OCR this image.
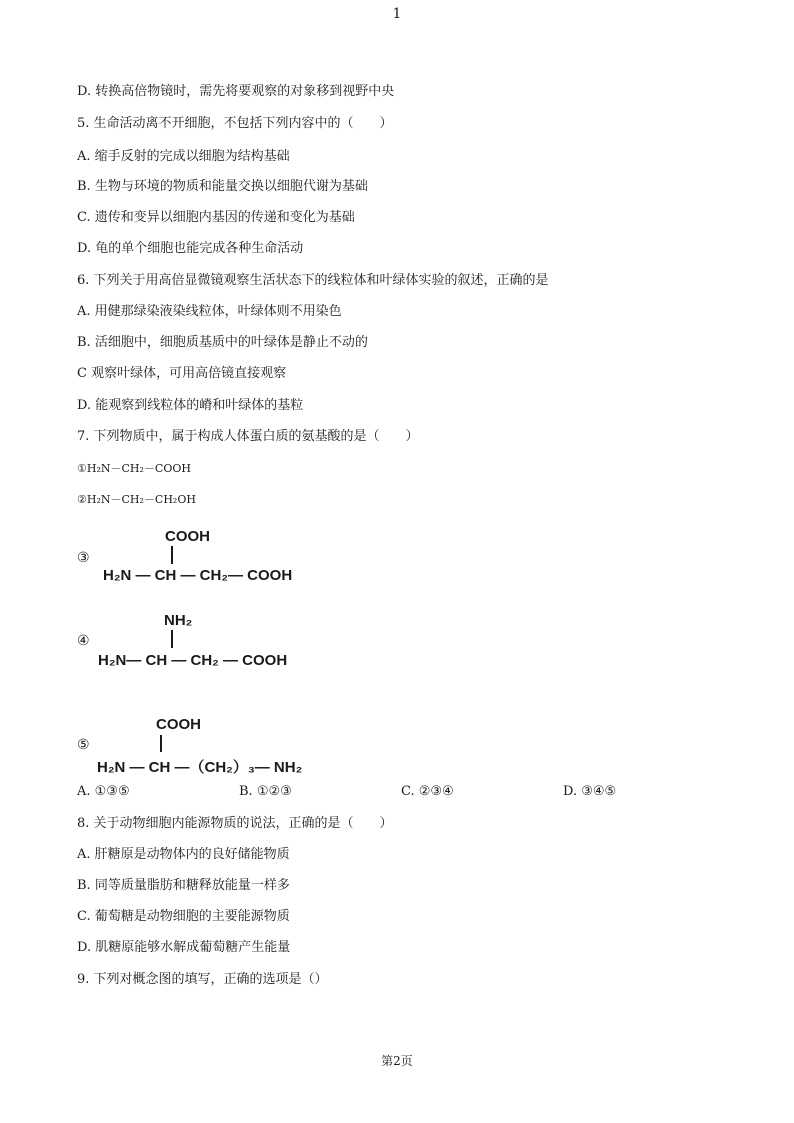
1
D. 转换高倍物镜时，需先将要观察的对象移到视野中央
5. 生命活动离不开细胞，不包括下列内容中的（　　）
A. 缩手反射的完成以细胞为结构基础
B. 生物与环境的物质和能量交换以细胞代谢为基础
C. 遗传和变异以细胞内基因的传递和变化为基础
D. 龟的单个细胞也能完成各种生命活动
6. 下列关于用高倍显微镜观察生活状态下的线粒体和叶绿体实验的叙述，正确的是
A. 用健那绿染液染线粒体，叶绿体则不用染色
B. 活细胞中，细胞质基质中的叶绿体是静止不动的
C 观察叶绿体，可用高倍镜直接观察
D. 能观察到线粒体的嵴和叶绿体的基粒
7. 下列物质中，属于构成人体蛋白质的氨基酸的是（　　）
①H₂N－CH₂－COOH
②H₂N－CH₂－CH₂OH
③
COOH
H₂N — CH — CH₂— COOH
④
NH₂
H₂N— CH — CH₂ — COOH
⑤
COOH
H₂N — CH —（CH₂）₃— NH₂
A. ①③⑤	B. ①②③	C. ②③④	D. ③④⑤
8. 关于动物细胞内能源物质的说法，正确的是（　　）
A. 肝糖原是动物体内的良好储能物质
B. 同等质量脂肪和糖释放能量一样多
C. 葡萄糖是动物细胞的主要能源物质
D. 肌糖原能够水解成葡萄糖产生能量
9. 下列对概念图的填写，正确的选项是（）
第2页
